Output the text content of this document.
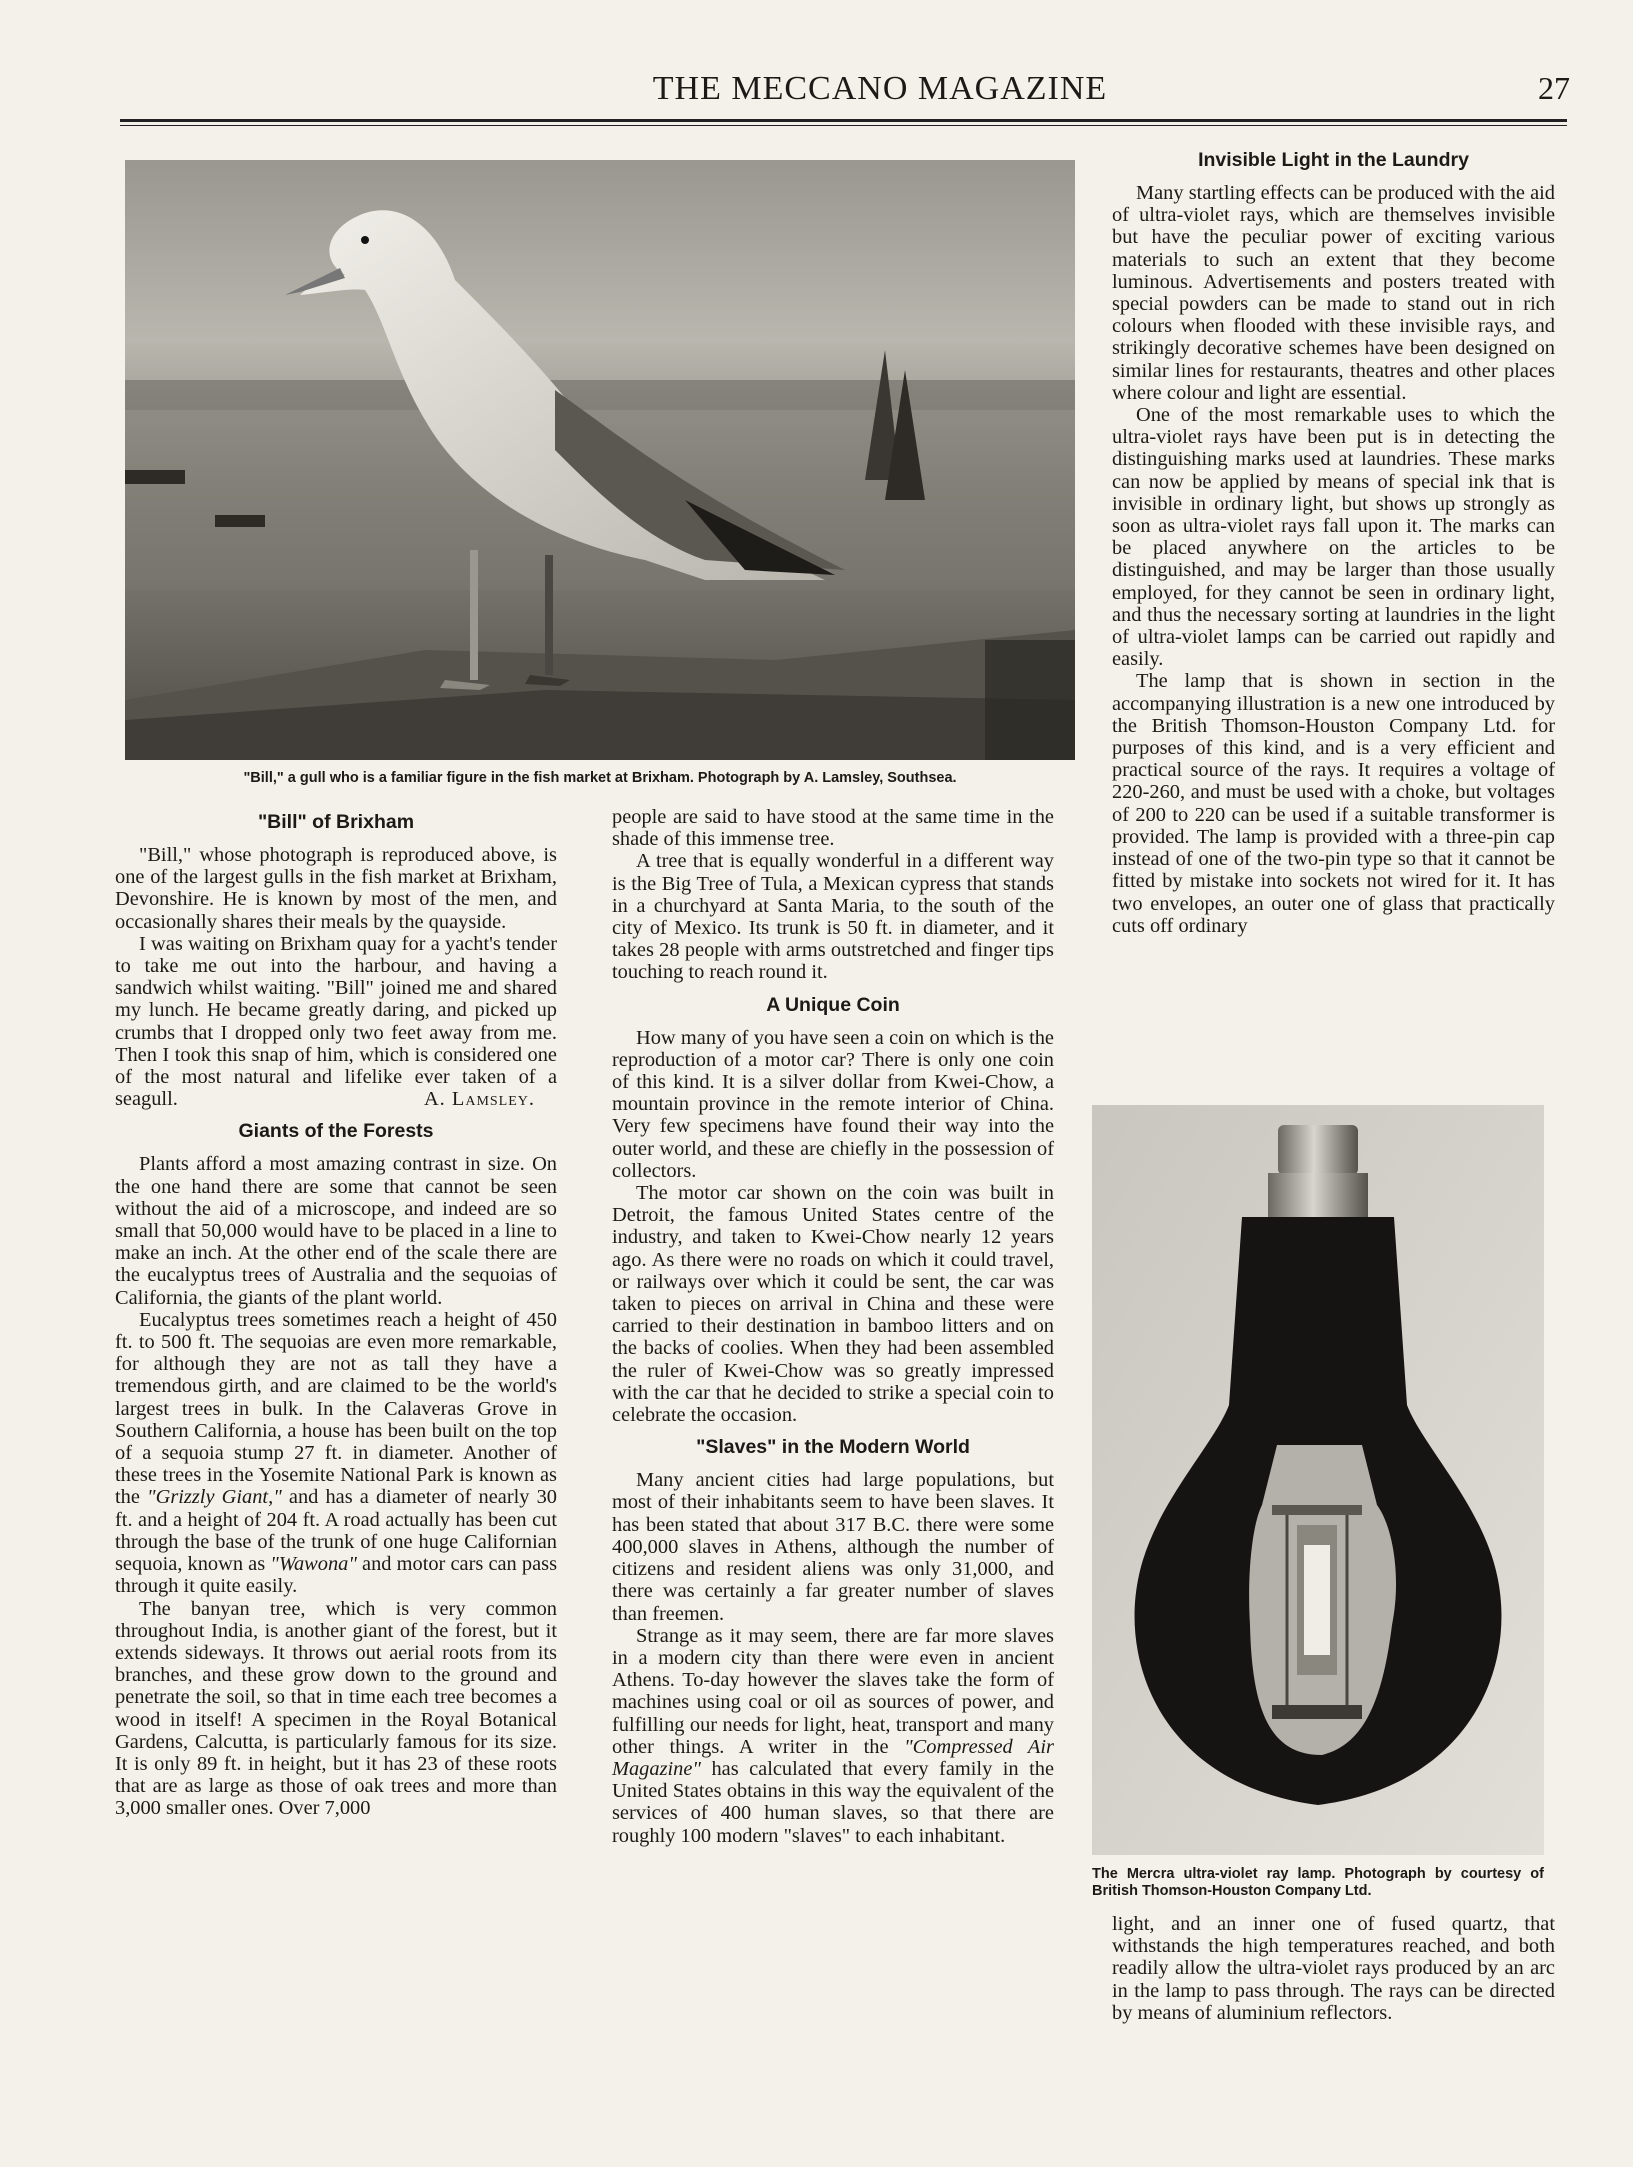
THE MECCANO MAGAZINE	27
"Bill," a gull who is a familiar figure in the fish market at Brixham. Photograph by A. Lamsley, Southsea.
"Bill" of Brixham

"Bill," whose photograph is reproduced above, is one of the largest gulls in the fish market at Brixham, Devonshire. He is known by most of the men, and occasionally shares their meals by the quayside.

I was waiting on Brixham quay for a yacht's tender to take me out into the harbour, and having a sandwich whilst waiting. "Bill" joined me and shared my lunch. He became greatly daring, and picked up crumbs that I dropped only two feet away from me. Then I took this snap of him, which is considered one of the most natural and lifelike ever taken of a seagull.	A. Lamsley.

Giants of the Forests

Plants afford a most amazing contrast in size. On the one hand there are some that cannot be seen without the aid of a microscope, and indeed are so small that 50,000 would have to be placed in a line to make an inch. At the other end of the scale there are the eucalyptus trees of Australia and the sequoias of California, the giants of the plant world.

Eucalyptus trees sometimes reach a height of 450 ft. to 500 ft. The sequoias are even more remarkable, for although they are not as tall they have a tremendous girth, and are claimed to be the world's largest trees in bulk. In the Calaveras Grove in Southern California, a house has been built on the top of a sequoia stump 27 ft. in diameter. Another of these trees in the Yosemite National Park is known as the "Grizzly Giant," and has a diameter of nearly 30 ft. and a height of 204 ft. A road actually has been cut through the base of the trunk of one huge Californian sequoia, known as "Wawona" and motor cars can pass through it quite easily.

The banyan tree, which is very common throughout India, is another giant of the forest, but it extends sideways. It throws out aerial roots from its branches, and these grow down to the ground and penetrate the soil, so that in time each tree becomes a wood in itself! A specimen in the Royal Botanical Gardens, Calcutta, is particularly famous for its size. It is only 89 ft. in height, but it has 23 of these roots that are as large as those of oak trees and more than 3,000 smaller ones. Over 7,000

people are said to have stood at the same time in the shade of this immense tree.

A tree that is equally wonderful in a different way is the Big Tree of Tula, a Mexican cypress that stands in a churchyard at Santa Maria, to the south of the city of Mexico. Its trunk is 50 ft. in diameter, and it takes 28 people with arms outstretched and finger tips touching to reach round it.

A Unique Coin

How many of you have seen a coin on which is the reproduction of a motor car? There is only one coin of this kind. It is a silver dollar from Kwei-Chow, a mountain province in the remote interior of China. Very few specimens have found their way into the outer world, and these are chiefly in the possession of collectors.

The motor car shown on the coin was built in Detroit, the famous United States centre of the industry, and taken to Kwei-Chow nearly 12 years ago. As there were no roads on which it could travel, or railways over which it could be sent, the car was taken to pieces on arrival in China and these were carried to their destination in bamboo litters and on the backs of coolies. When they had been assembled the ruler of Kwei-Chow was so greatly impressed with the car that he decided to strike a special coin to celebrate the occasion.

"Slaves" in the Modern World

Many ancient cities had large populations, but most of their inhabitants seem to have been slaves. It has been stated that about 317 B.C. there were some 400,000 slaves in Athens, although the number of citizens and resident aliens was only 31,000, and there was certainly a far greater number of slaves than freemen.

Strange as it may seem, there are far more slaves in a modern city than there were even in ancient Athens. To-day however the slaves take the form of machines using coal or oil as sources of power, and fulfilling our needs for light, heat, transport and many other things. A writer in the "Compressed Air Magazine" has calculated that every family in the United States obtains in this way the equivalent of the services of 400 human slaves, so that there are roughly 100 modern "slaves" to each inhabitant.

Invisible Light in the Laundry

Many startling effects can be produced with the aid of ultra-violet rays, which are themselves invisible but have the peculiar power of exciting various materials to such an extent that they become luminous. Advertisements and posters treated with special powders can be made to stand out in rich colours when flooded with these invisible rays, and strikingly decorative schemes have been designed on similar lines for restaurants, theatres and other places where colour and light are essential.

One of the most remarkable uses to which the ultra-violet rays have been put is in detecting the distinguishing marks used at laundries. These marks can now be applied by means of special ink that is invisible in ordinary light, but shows up strongly as soon as ultra-violet rays fall upon it. The marks can be placed anywhere on the articles to be distinguished, and may be larger than those usually employed, for they cannot be seen in ordinary light, and thus the necessary sorting at laundries in the light of ultra-violet lamps can be carried out rapidly and easily.

The lamp that is shown in section in the accompanying illustration is a new one introduced by the British Thomson-Houston Company Ltd. for purposes of this kind, and is a very efficient and practical source of the rays. It requires a voltage of 220-260, and must be used with a choke, but voltages of 200 to 220 can be used if a suitable transformer is provided. The lamp is provided with a three-pin cap instead of one of the two-pin type so that it cannot be fitted by mistake into sockets not wired for it. It has two envelopes, an outer one of glass that practically cuts off ordinary

The Mercra ultra-violet ray lamp. Photograph by courtesy of British Thomson-Houston Company Ltd.

light, and an inner one of fused quartz, that withstands the high temperatures reached, and both readily allow the ultra-violet rays produced by an arc in the lamp to pass through. The rays can be directed by means of aluminium reflectors.
